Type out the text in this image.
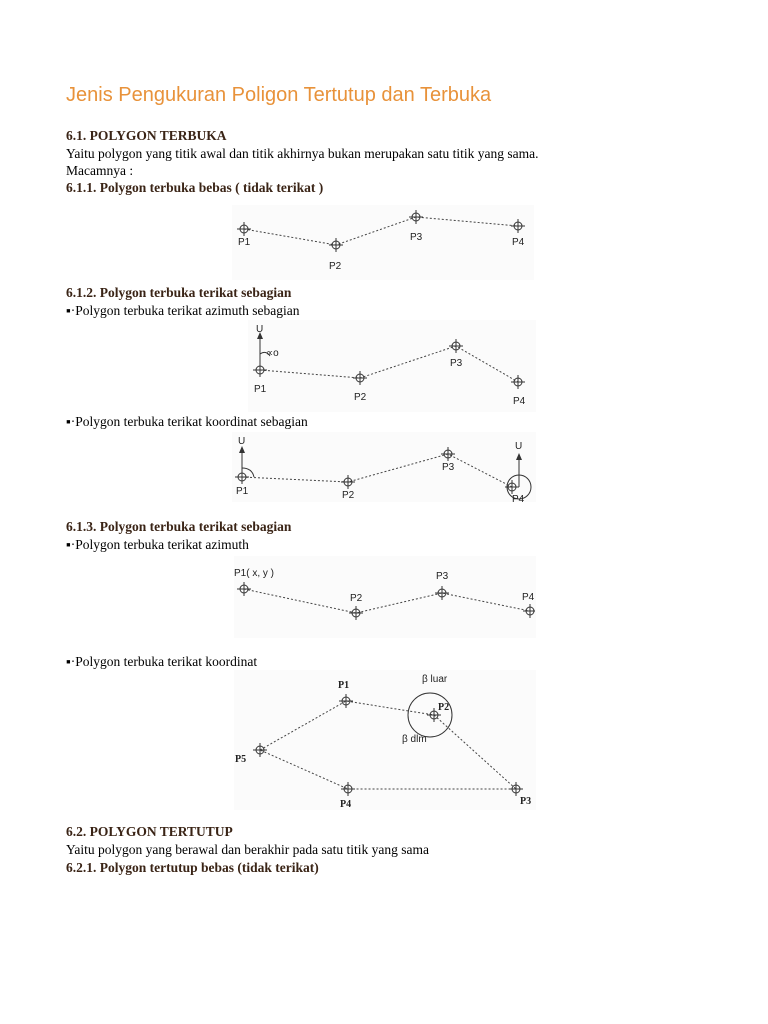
Jenis Pengukuran Poligon Tertutup dan Terbuka
6.1. POLYGON TERBUKA
Yaitu polygon yang titik awal dan titik akhirnya bukan merupakan satu titik yang sama.
Macamnya :
6.1.1. Polygon terbuka bebas ( tidak terikat )
P1
P2
P3	P4
6.1.2. Polygon terbuka terikat sebagian
▪·Polygon terbuka terikat azimuth sebagian
U
∝o
P1
P2
P3
P4
▪·Polygon terbuka terikat koordinat sebagian
U	U
P1	P2
P3
P4
6.1.3. Polygon terbuka terikat sebagian
▪·Polygon terbuka terikat azimuth
P1( x, y )
P2
P3
P4
▪·Polygon terbuka terikat koordinat
P1
P2
P3
P4
P5
β luar
β dlm
6.2. POLYGON TERTUTUP
Yaitu polygon yang berawal dan berakhir pada satu titik yang sama
6.2.1. Polygon tertutup bebas (tidak terikat)
